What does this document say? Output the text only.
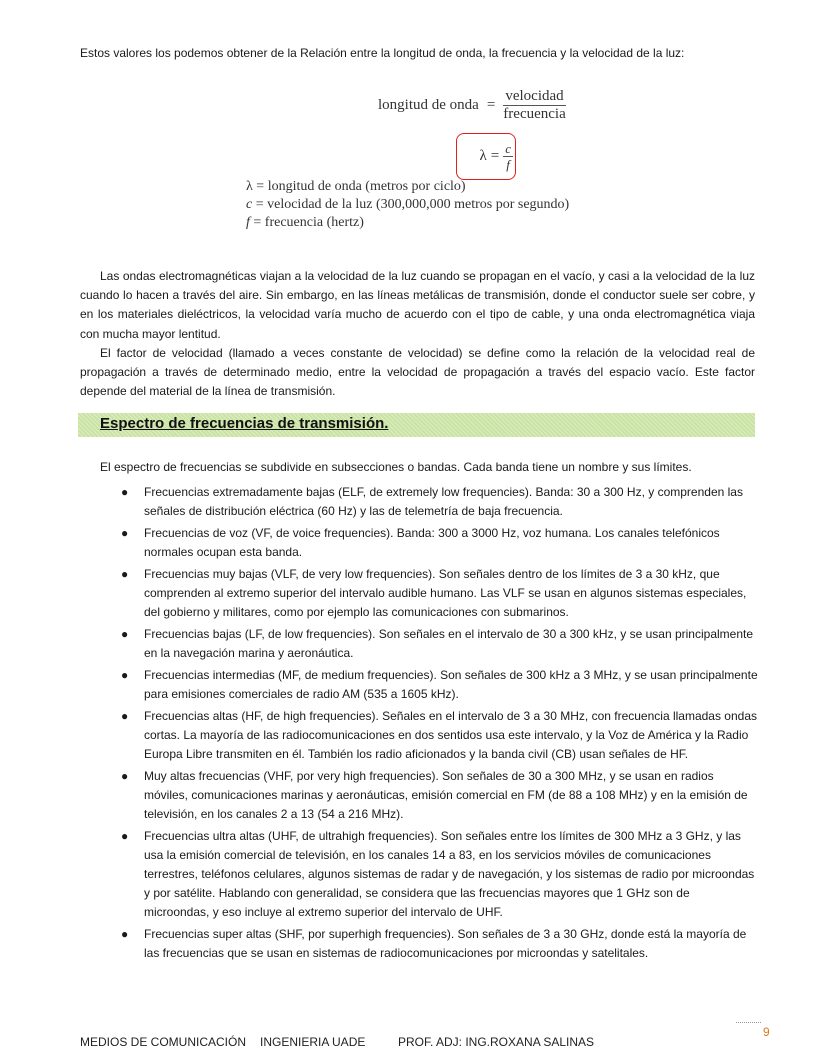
Estos valores los podemos obtener de la Relación entre la longitud de onda, la frecuencia y la velocidad de la luz:
longitud de onda = $\frac{\text{velocidad}}{\text{frecuencia}}$
$\lambda = \frac{c}{f}$
λ = longitud de onda (metros por ciclo)
c = velocidad de la luz (300,000,000 metros por segundo)
f = frecuencia (hertz)
Las ondas electromagnéticas viajan a la velocidad de la luz cuando se propagan en el vacío, y casi a la velocidad de la luz cuando lo hacen a través del aire. Sin embargo, en las líneas metálicas de transmisión, donde el conductor suele ser cobre, y en los materiales dieléctricos, la velocidad varía mucho de acuerdo con el tipo de cable, y una onda electromagnética viaja con mucha mayor lentitud.
El factor de velocidad (llamado a veces constante de velocidad) se define como la relación de la velocidad real de propagación a través de determinado medio, entre la velocidad de propagación a través del espacio vacío. Este factor depende del material de la línea de transmisión.
Espectro de frecuencias de transmisión.
El espectro de frecuencias se subdivide en subsecciones o bandas. Cada banda tiene un nombre y sus límites.
● Frecuencias extremadamente bajas (ELF, de extremely low frequencies). Banda: 30 a 300 Hz, y comprenden las señales de distribución eléctrica (60 Hz) y las de telemetría de baja frecuencia.
● Frecuencias de voz (VF, de voice frequencies). Banda: 300 a 3000 Hz, voz humana. Los canales telefónicos normales ocupan esta banda.
● Frecuencias muy bajas (VLF, de very low frequencies). Son señales dentro de los límites de 3 a 30 kHz, que comprenden al extremo superior del intervalo audible humano. Las VLF se usan en algunos sistemas especiales, del gobierno y militares, como por ejemplo las comunicaciones con submarinos.
● Frecuencias bajas (LF, de low frequencies). Son señales en el intervalo de 30 a 300 kHz, y se usan principalmente en la navegación marina y aeronáutica.
● Frecuencias intermedias (MF, de medium frequencies). Son señales de 300 kHz a 3 MHz, y se usan principalmente para emisiones comerciales de radio AM (535 a 1605 kHz).
● Frecuencias altas (HF, de high frequencies). Señales en el intervalo de 3 a 30 MHz, con frecuencia llamadas ondas cortas. La mayoría de las radiocomunicaciones en dos sentidos usa este intervalo, y la Voz de América y la Radio Europa Libre transmiten en él. También los radio aficionados y la banda civil (CB) usan señales de HF.
● Muy altas frecuencias (VHF, por very high frequencies). Son señales de 30 a 300 MHz, y se usan en radios móviles, comunicaciones marinas y aeronáuticas, emisión comercial en FM (de 88 a 108 MHz) y en la emisión de televisión, en los canales 2 a 13 (54 a 216 MHz).
● Frecuencias ultra altas (UHF, de ultrahigh frequencies). Son señales entre los límites de 300 MHz a 3 GHz, y las usa la emisión comercial de televisión, en los canales 14 a 83, en los servicios móviles de comunicaciones terrestres, teléfonos celulares, algunos sistemas de radar y de navegación, y los sistemas de radio por microondas y por satélite. Hablando con generalidad, se considera que las frecuencias mayores que 1 GHz son de microondas, y eso incluye al extremo superior del intervalo de UHF.
● Frecuencias super altas (SHF, por superhigh frequencies). Son señales de 3 a 30 GHz, donde está la mayoría de las frecuencias que se usan en sistemas de radiocomunicaciones por microondas y satelitales.
9
MEDIOS DE COMUNICACIÓN INGENIERIA UADE	PROF. ADJ: ING.ROXANA SALINAS
